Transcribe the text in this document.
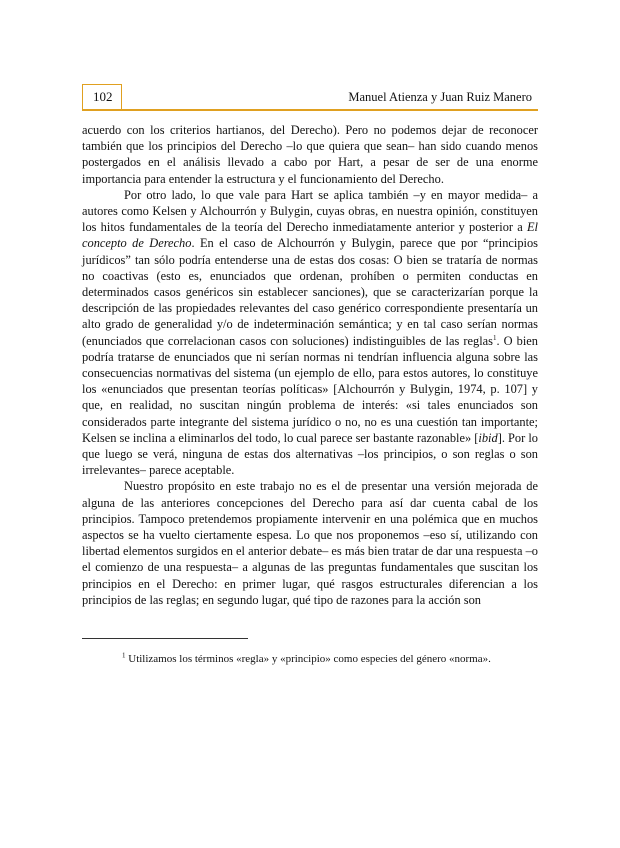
102	Manuel Atienza y Juan Ruiz Manero

acuerdo con los criterios hartianos, del Derecho). Pero no podemos dejar de reconocer también que los principios del Derecho –lo que quiera que sean– han sido cuando menos postergados en el análisis llevado a cabo por Hart, a pesar de ser de una enorme importancia para entender la estructura y el funcionamiento del Derecho.

Por otro lado, lo que vale para Hart se aplica también –y en mayor medida– a autores como Kelsen y Alchourrón y Bulygin, cuyas obras, en nuestra opinión, constituyen los hitos fundamentales de la teoría del Derecho inmediatamente anterior y posterior a El concepto de Derecho. En el caso de Alchourrón y Bulygin, parece que por “principios jurídicos” tan sólo podría entenderse una de estas dos cosas: O bien se trataría de normas no coactivas (esto es, enunciados que ordenan, prohíben o permiten conductas en determinados casos genéricos sin establecer sanciones), que se caracterizarían porque la descripción de las propiedades relevantes del caso genérico correspondiente presentaría un alto grado de generalidad y/o de indeterminación semántica; y en tal caso serían normas (enunciados que correlacionan casos con soluciones) indistinguibles de las reglas$^1$. O bien podría tratarse de enunciados que ni serían normas ni tendrían influencia alguna sobre las consecuencias normativas del sistema (un ejemplo de ello, para estos autores, lo constituye los «enunciados que presentan teorías políticas» [Alchourrón y Bulygin, 1974, p. 107] y que, en realidad, no suscitan ningún problema de interés: «si tales enunciados son considerados parte integrante del sistema jurídico o no, no es una cuestión tan importante; Kelsen se inclina a eliminarlos del todo, lo cual parece ser bastante razonable» [ibid]. Por lo que luego se verá, ninguna de estas dos alternativas –los principios, o son reglas o son irrelevantes– parece aceptable.

Nuestro propósito en este trabajo no es el de presentar una versión mejorada de alguna de las anteriores concepciones del Derecho para así dar cuenta cabal de los principios. Tampoco pretendemos propiamente intervenir en una polémica que en muchos aspectos se ha vuelto ciertamente espesa. Lo que nos proponemos –eso sí, utilizando con libertad elementos surgidos en el anterior debate– es más bien tratar de dar una respuesta –o el comienzo de una respuesta– a algunas de las preguntas fundamentales que suscitan los principios en el Derecho: en primer lugar, qué rasgos estructurales diferencian a los principios de las reglas; en segundo lugar, qué tipo de razones para la acción son

$^1$ Utilizamos los términos «regla» y «principio» como especies del género «norma».
